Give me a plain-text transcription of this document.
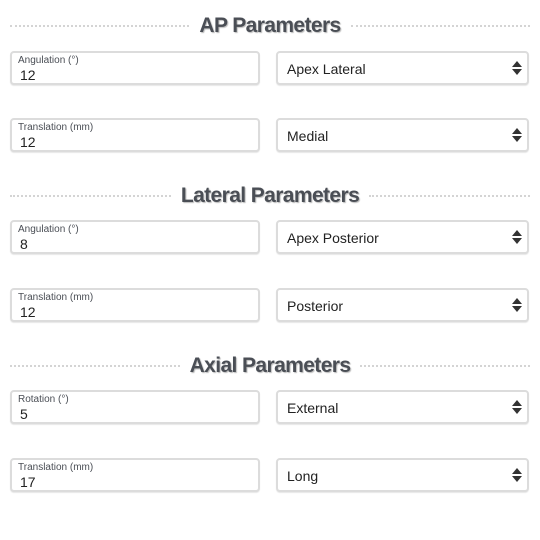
AP Parameters
Angulation (°)
12	Apex Lateral
Translation (mm)
12	Medial
Lateral Parameters
Angulation (°)
8	Apex Posterior
Translation (mm)
12	Posterior
Axial Parameters
Rotation (°)
5	External
Translation (mm)
17	Long
